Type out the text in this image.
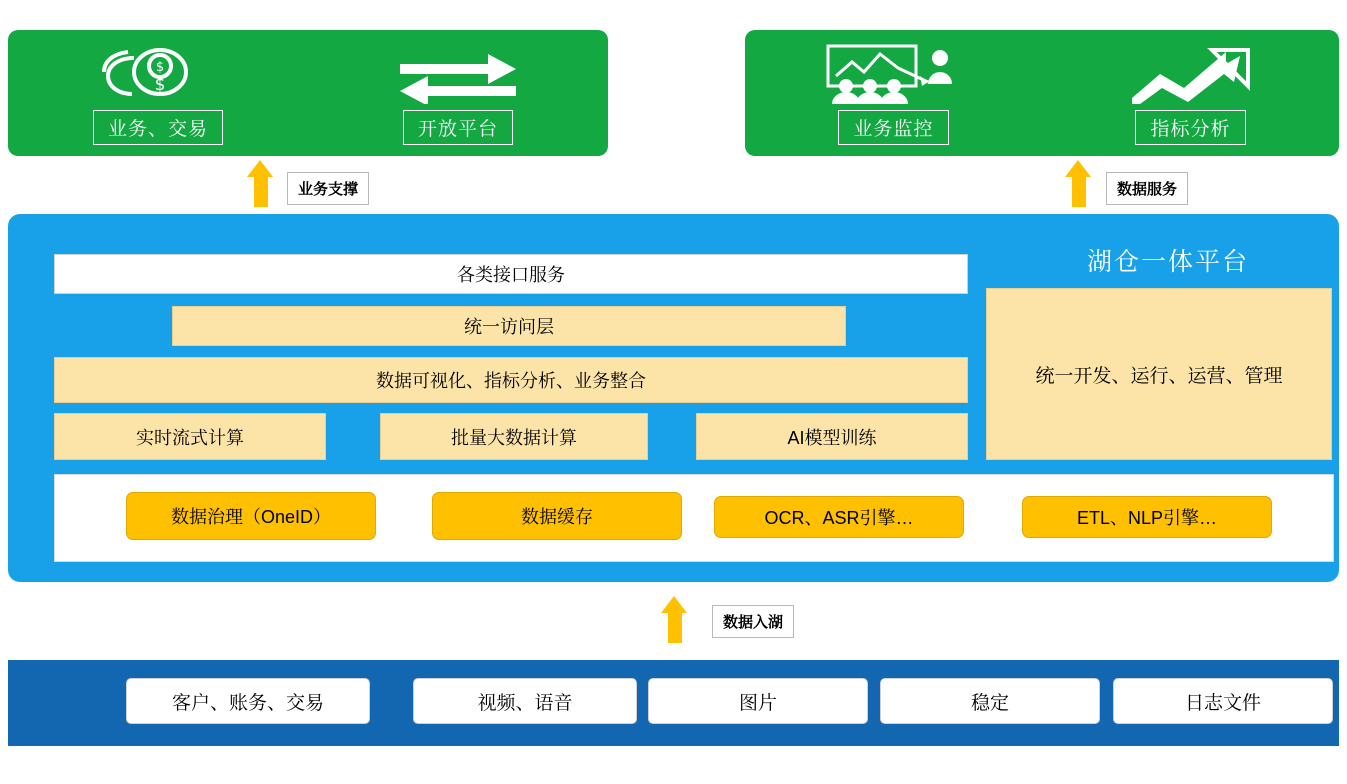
$
$
业务、交易	开放平台	业务监控	指标分析
业务支撑	数据服务
湖仓一体平台
各类接口服务
统一访问层
数据可视化、指标分析、业务整合
实时流式计算	批量大数据计算	AI模型训练
统一开发、运行、运营、管理
数据治理（OneID）	数据缓存	OCR、ASR引擎…	ETL、NLP引擎…
数据入湖
客户、账务、交易	视频、语音	图片	稳定	日志文件
